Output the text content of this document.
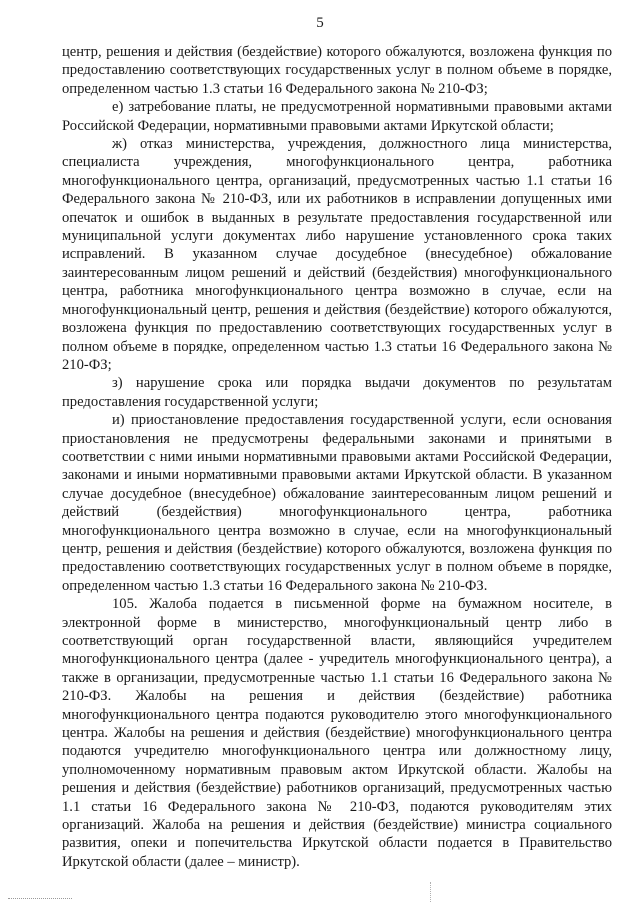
5

центр, решения и действия (бездействие) которого обжалуются, возложена функция по предоставлению соответствующих государственных услуг в полном объеме в порядке, определенном частью 1.3 статьи 16 Федерального закона № 210-ФЗ;

е) затребование платы, не предусмотренной нормативными правовыми актами Российской Федерации, нормативными правовыми актами Иркутской области;

ж) отказ министерства, учреждения, должностного лица министерства, специалиста учреждения, многофункционального центра, работника многофункционального центра, организаций, предусмотренных частью 1.1 статьи 16 Федерального закона № 210-ФЗ, или их работников в исправлении допущенных ими опечаток и ошибок в выданных в результате предоставления государственной или муниципальной услуги документах либо нарушение установленного срока таких исправлений. В указанном случае досудебное (внесудебное) обжалование заинтересованным лицом решений и действий (бездействия) многофункционального центра, работника многофункционального центра возможно в случае, если на многофункциональный центр, решения и действия (бездействие) которого обжалуются, возложена функция по предоставлению соответствующих государственных услуг в полном объеме в порядке, определенном частью 1.3 статьи 16 Федерального закона № 210-ФЗ;

з) нарушение срока или порядка выдачи документов по результатам предоставления государственной услуги;

и) приостановление предоставления государственной услуги, если основания приостановления не предусмотрены федеральными законами и принятыми в соответствии с ними иными нормативными правовыми актами Российской Федерации, законами и иными нормативными правовыми актами Иркутской области. В указанном случае досудебное (внесудебное) обжалование заинтересованным лицом решений и действий (бездействия) многофункционального центра, работника многофункционального центра возможно в случае, если на многофункциональный центр, решения и действия (бездействие) которого обжалуются, возложена функция по предоставлению соответствующих государственных услуг в полном объеме в порядке, определенном частью 1.3 статьи 16 Федерального закона № 210-ФЗ.

105. Жалоба подается в письменной форме на бумажном носителе, в электронной форме в министерство, многофункциональный центр либо в соответствующий орган государственной власти, являющийся учредителем многофункционального центра (далее - учредитель многофункционального центра), а также в организации, предусмотренные частью 1.1 статьи 16 Федерального закона № 210-ФЗ. Жалобы на решения и действия (бездействие) работника многофункционального центра подаются руководителю этого многофункционального центра. Жалобы на решения и действия (бездействие) многофункционального центра подаются учредителю многофункционального центра или должностному лицу, уполномоченному нормативным правовым актом Иркутской области. Жалобы на решения и действия (бездействие) работников организаций, предусмотренных частью 1.1 статьи 16 Федерального закона № 210-ФЗ, подаются руководителям этих организаций. Жалоба на решения и действия (бездействие) министра социального развития, опеки и попечительства Иркутской области подается в Правительство Иркутской области (далее – министр).
